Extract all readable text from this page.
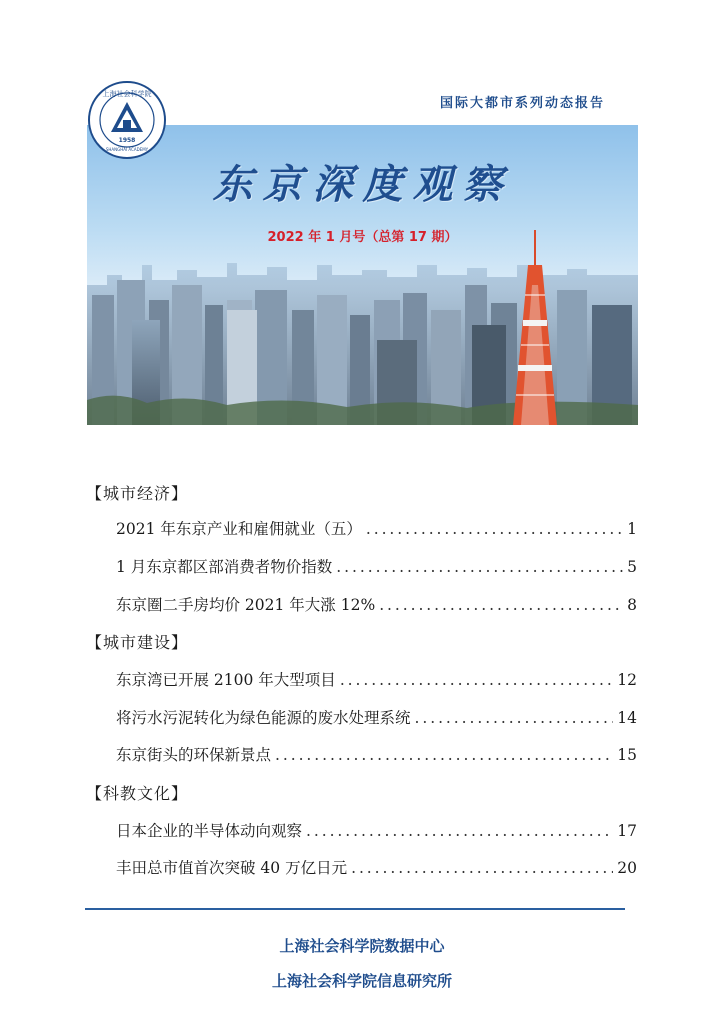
国际大都市系列动态报告
上海社会科学院
SHANGHAI ACADEMY
1958
东京深度观察
2022 年 1 月号（总第 17 期）
【城市经济】
2021 年东京产业和雇佣就业（五） . . .	1
1 月东京都区部消费者物价指数 . . .	5
东京圈二手房均价 2021 年大涨 12% . . .	8
【城市建设】
东京湾已开展 2100 年大型项目 . . .	12
将污水污泥转化为绿色能源的废水处理系统 . . .	14
东京街头的环保新景点 . . .	15
【科教文化】
日本企业的半导体动向观察 . . .	17
丰田总市值首次突破 40 万亿日元 . . .	20
上海社会科学院数据中心
上海社会科学院信息研究所
